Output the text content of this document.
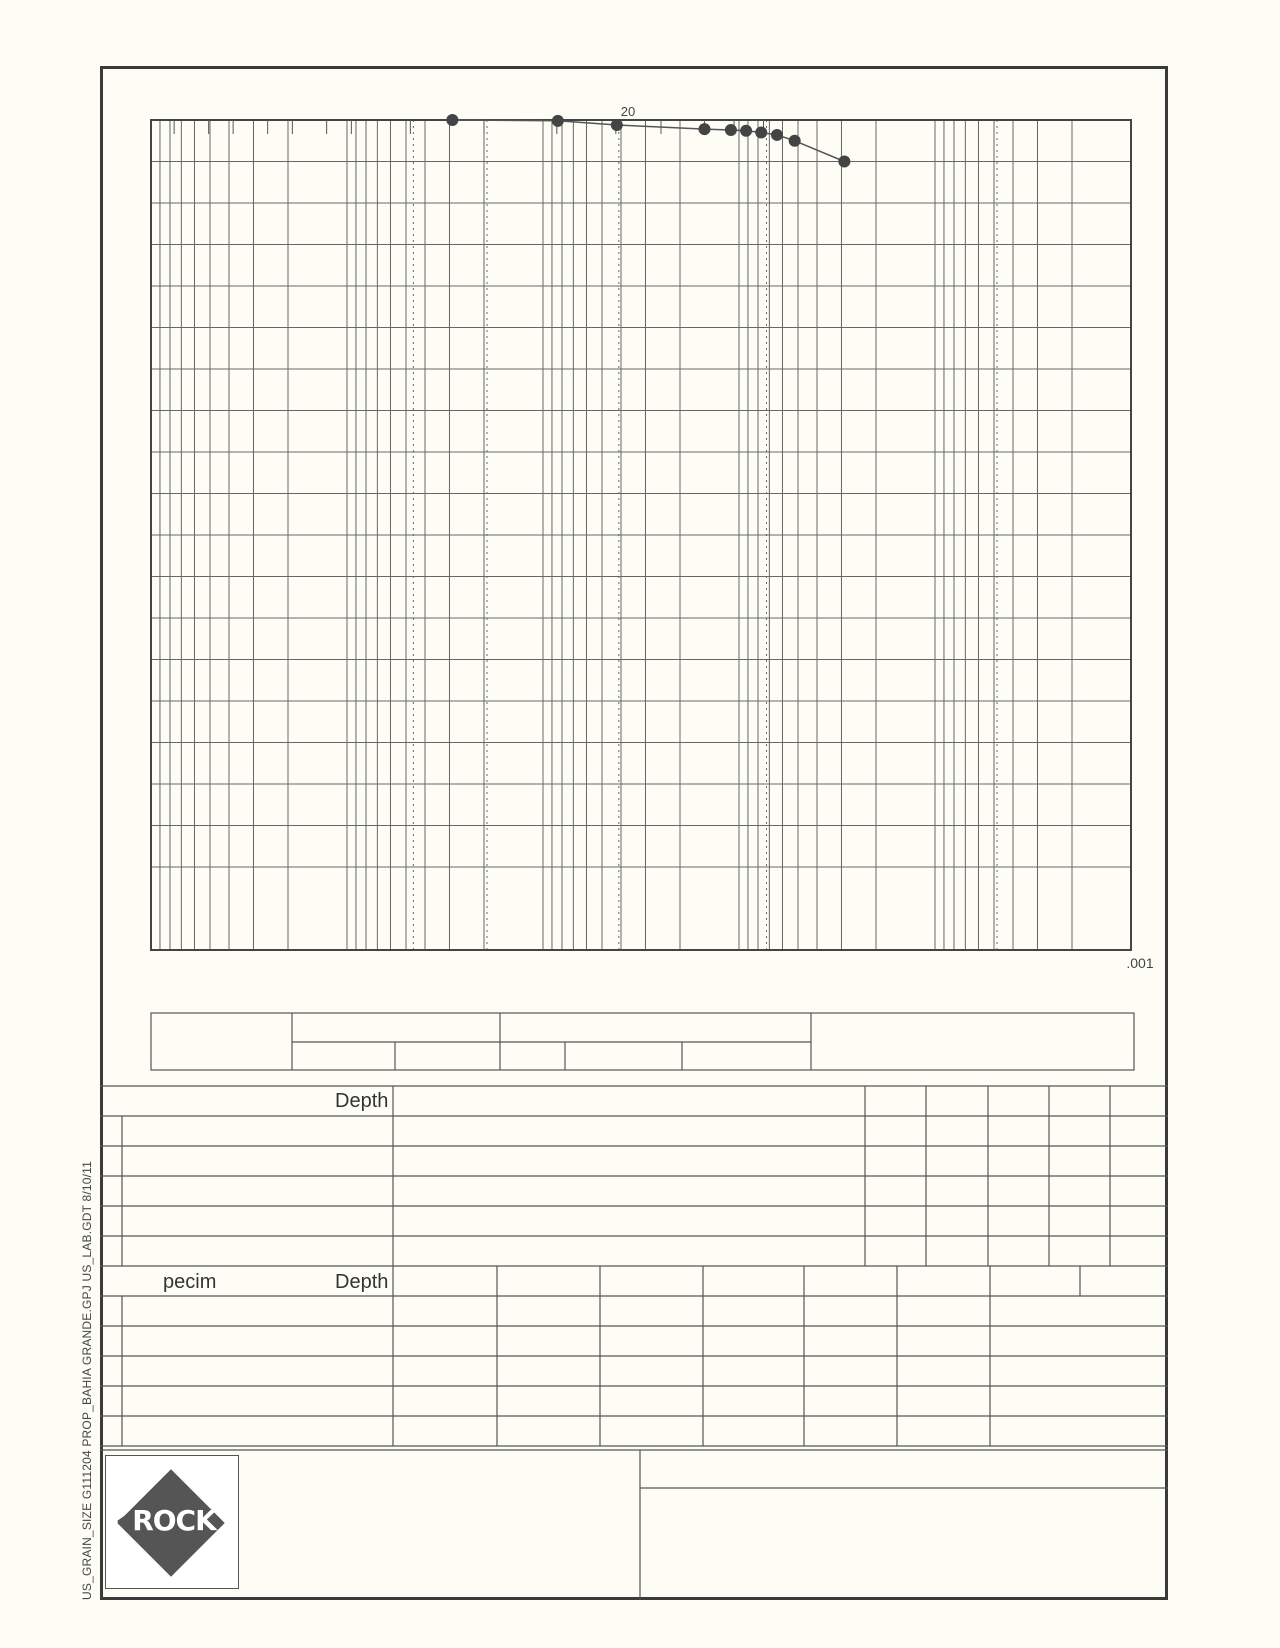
20
.001
Depth
pecim	Depth
ROCK
US_GRAIN_SIZE G111204 PROP_BAHIA GRANDE.GPJ US_LAB.GDT 8/10/11
